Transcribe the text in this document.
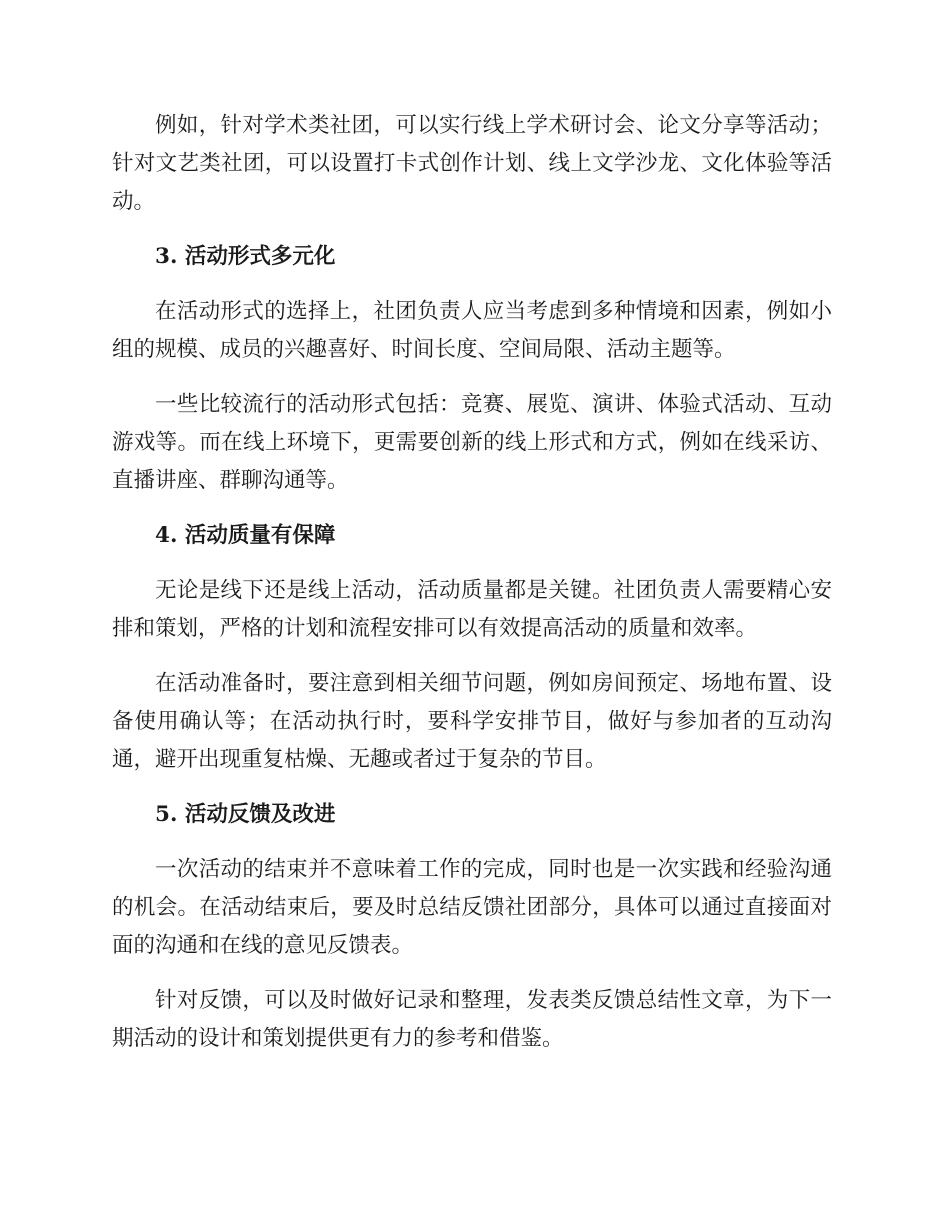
例如，针对学术类社团，可以实行线上学术研讨会、论文分享等活动；针对文艺类社团，可以设置打卡式创作计划、线上文学沙龙、文化体验等活动。

3. 活动形式多元化

在活动形式的选择上，社团负责人应当考虑到多种情境和因素，例如小组的规模、成员的兴趣喜好、时间长度、空间局限、活动主题等。

一些比较流行的活动形式包括：竞赛、展览、演讲、体验式活动、互动游戏等。而在线上环境下，更需要创新的线上形式和方式，例如在线采访、直播讲座、群聊沟通等。

4. 活动质量有保障

无论是线下还是线上活动，活动质量都是关键。社团负责人需要精心安排和策划，严格的计划和流程安排可以有效提高活动的质量和效率。

在活动准备时，要注意到相关细节问题，例如房间预定、场地布置、设备使用确认等；在活动执行时，要科学安排节目，做好与参加者的互动沟通，避开出现重复枯燥、无趣或者过于复杂的节目。

5. 活动反馈及改进

一次活动的结束并不意味着工作的完成，同时也是一次实践和经验沟通的机会。在活动结束后，要及时总结反馈社团部分，具体可以通过直接面对面的沟通和在线的意见反馈表。

针对反馈，可以及时做好记录和整理，发表类反馈总结性文章，为下一期活动的设计和策划提供更有力的参考和借鉴。
